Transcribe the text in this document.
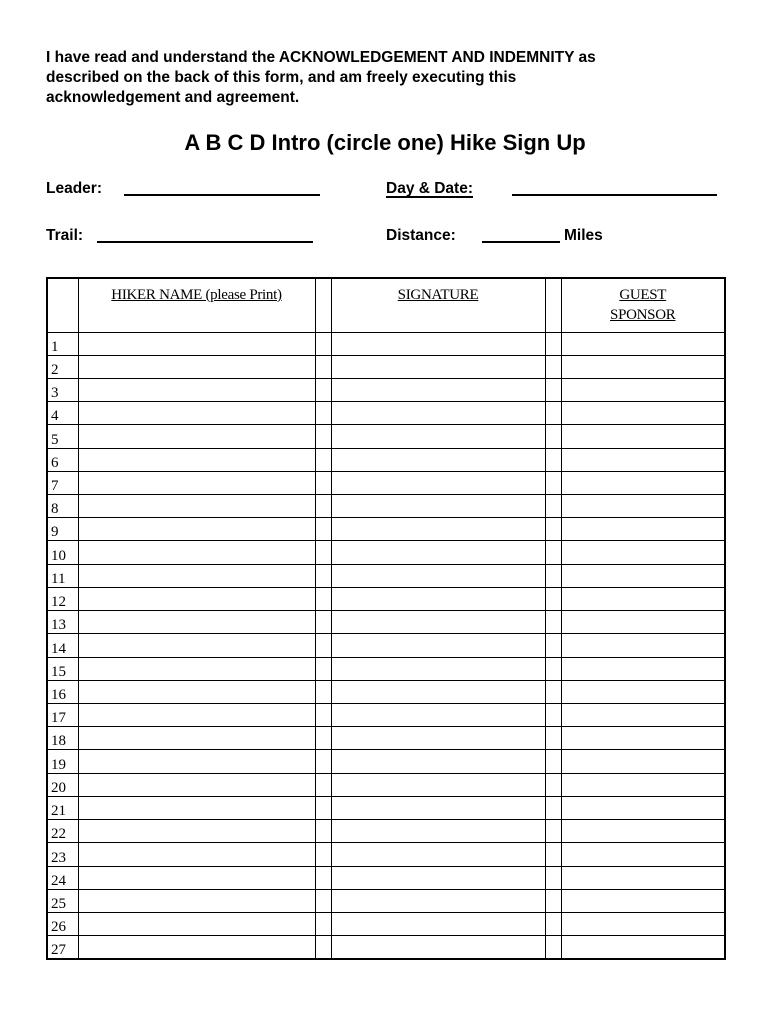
I have read and understand the ACKNOWLEDGEMENT AND INDEMNITY as
described on the back of this form, and am freely executing this
acknowledgement and agreement.

A B C D Intro (circle one) Hike Sign Up
Leader:	Day & Date:
Trail:	Distance:	Miles

	HIKER NAME (please Print)		SIGNATURE		GUEST
SPONSOR

1					
2					
3					
4					
5					
6					
7					
8					
9					
10					
11					
12					
13					
14					
15					
16					
17					
18					
19					
20					
21					
22					
23					
24					
25					
26					
27					
